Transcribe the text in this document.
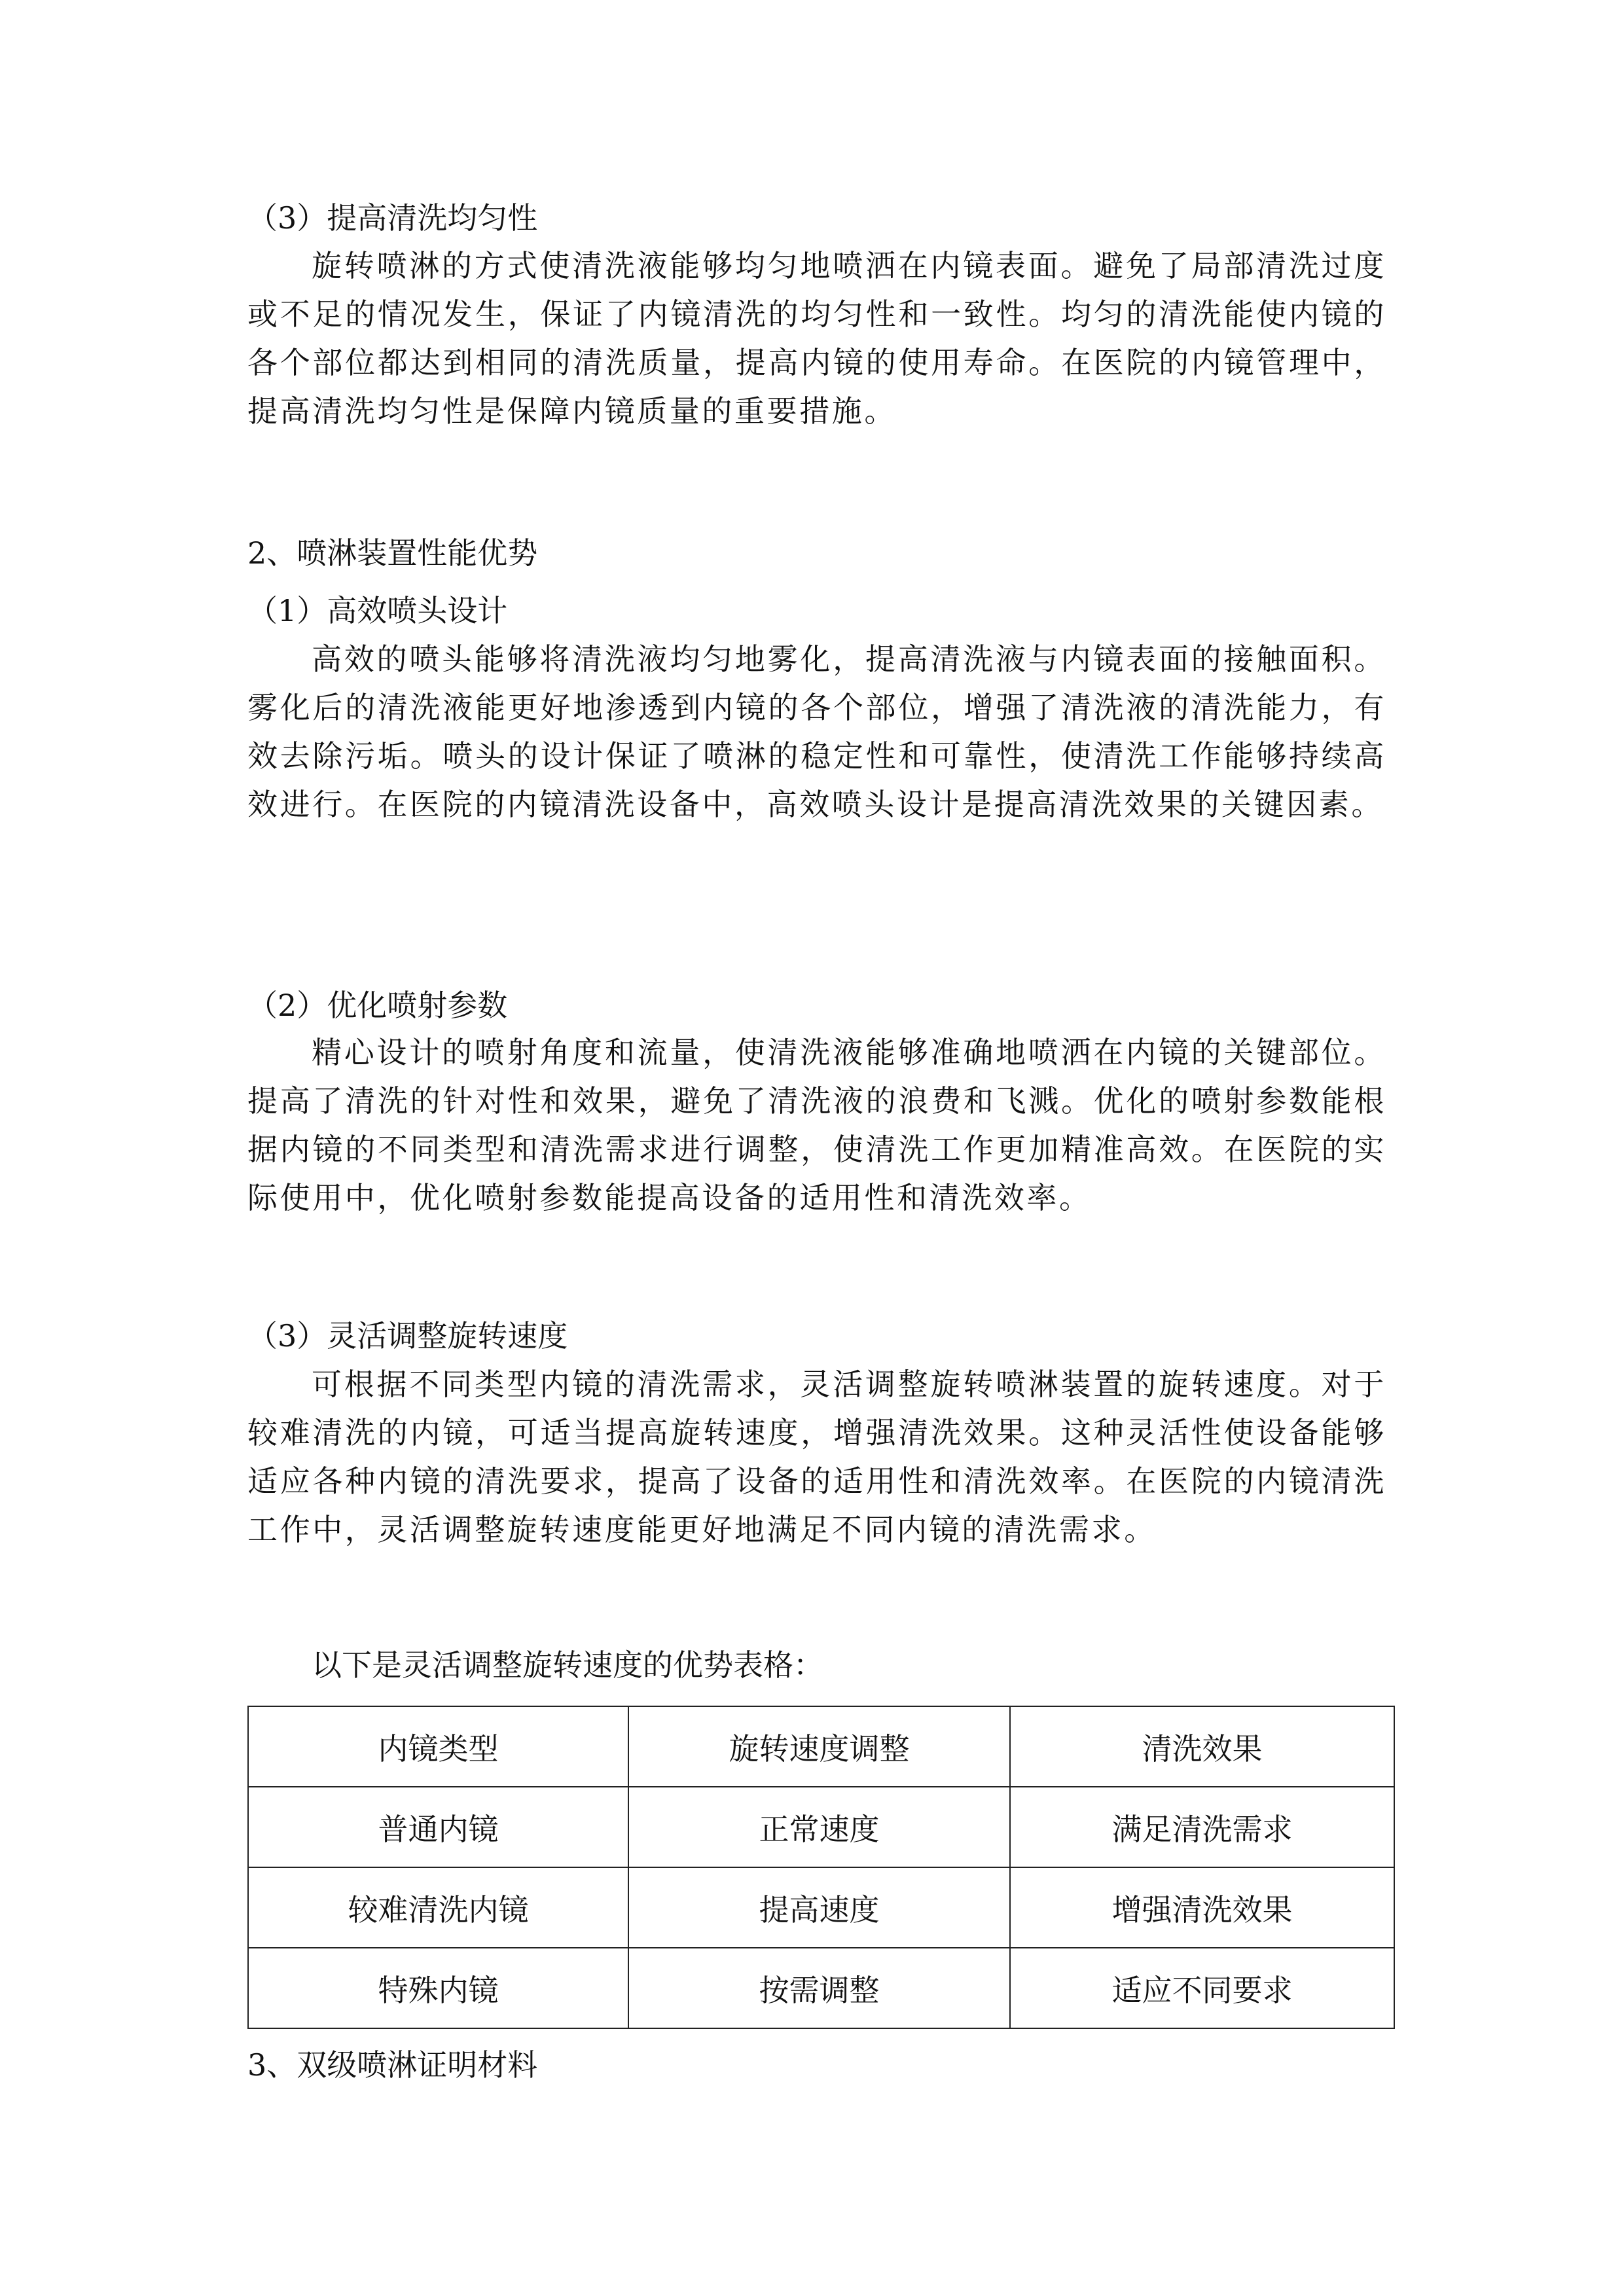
（3）提高清洗均匀性
旋转喷淋的方式使清洗液能够均匀地喷洒在内镜表面。避免了局部清洗过度或不足的情况发生，保证了内镜清洗的均匀性和一致性。均匀的清洗能使内镜的各个部位都达到相同的清洗质量，提高内镜的使用寿命。在医院的内镜管理中，提高清洗均匀性是保障内镜质量的重要措施。
2、喷淋装置性能优势
（1）高效喷头设计
高效的喷头能够将清洗液均匀地雾化，提高清洗液与内镜表面的接触面积。雾化后的清洗液能更好地渗透到内镜的各个部位，增强了清洗液的清洗能力，有效去除污垢。喷头的设计保证了喷淋的稳定性和可靠性，使清洗工作能够持续高效进行。在医院的内镜清洗设备中，高效喷头设计是提高清洗效果的关键因素。
（2）优化喷射参数
精心设计的喷射角度和流量，使清洗液能够准确地喷洒在内镜的关键部位。提高了清洗的针对性和效果，避免了清洗液的浪费和飞溅。优化的喷射参数能根据内镜的不同类型和清洗需求进行调整，使清洗工作更加精准高效。在医院的实际使用中，优化喷射参数能提高设备的适用性和清洗效率。
（3）灵活调整旋转速度
可根据不同类型内镜的清洗需求，灵活调整旋转喷淋装置的旋转速度。对于较难清洗的内镜，可适当提高旋转速度，增强清洗效果。这种灵活性使设备能够适应各种内镜的清洗要求，提高了设备的适用性和清洗效率。在医院的内镜清洗工作中，灵活调整旋转速度能更好地满足不同内镜的清洗需求。
以下是灵活调整旋转速度的优势表格：
内镜类型	旋转速度调整	清洗效果
普通内镜	正常速度	满足清洗需求
较难清洗内镜	提高速度	增强清洗效果
特殊内镜	按需调整	适应不同要求
3、双级喷淋证明材料
